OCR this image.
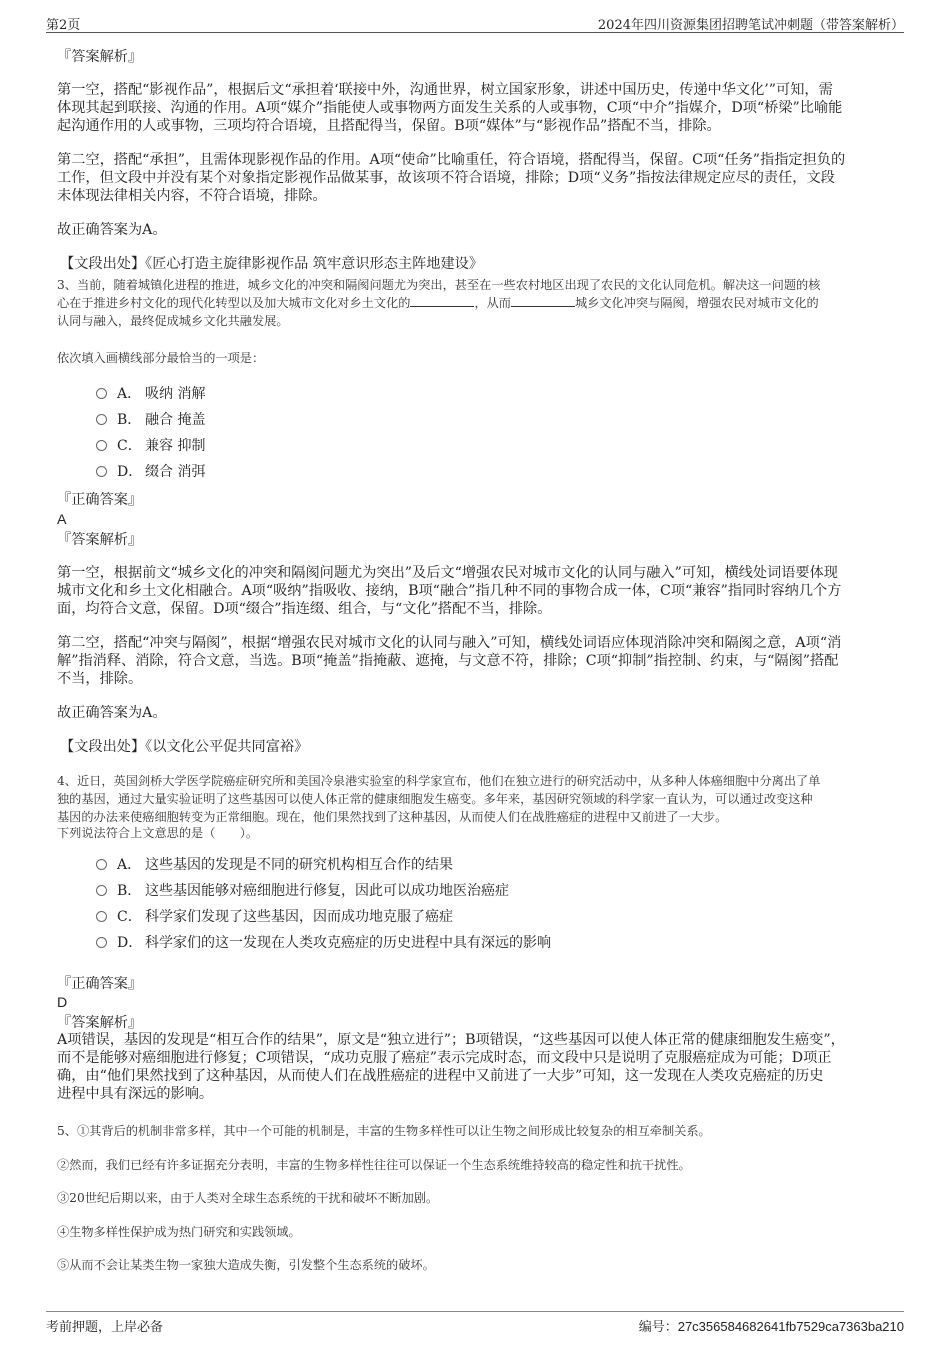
第2页	2024年四川资源集团招聘笔试冲刺题（带答案解析）
『答案解析』
第一空，搭配“影视作品”，根据后文“承担着‘联接中外，沟通世界，树立国家形象，讲述中国历史，传递中华文化’”可知，需
体现其起到联接、沟通的作用。A项“媒介”指能使人或事物两方面发生关系的人或事物，C项“中介”指媒介，D项“桥梁”比喻能
起沟通作用的人或事物，三项均符合语境，且搭配得当，保留。B项“媒体”与“影视作品”搭配不当，排除。
第二空，搭配“承担”，且需体现影视作品的作用。A项“使命”比喻重任，符合语境，搭配得当，保留。C项“任务”指指定担负的
工作，但文段中并没有某个对象指定影视作品做某事，故该项不符合语境，排除；D项“义务”指按法律规定应尽的责任，文段
未体现法律相关内容，不符合语境，排除。
故正确答案为A。
【文段出处】《匠心打造主旋律影视作品 筑牢意识形态主阵地建设》
3、当前，随着城镇化进程的推进，城乡文化的冲突和隔阂问题尤为突出，甚至在一些农村地区出现了农民的文化认同危机。解决这一问题的核
心在于推进乡村文化的现代化转型以及加大城市文化对乡土文化的	，从而	城乡文化冲突与隔阂，增强农民对城市文化的
认同与融入，最终促成城乡文化共融发展。
依次填入画横线部分最恰当的一项是：
A． 吸纳 消解
B． 融合 掩盖
C． 兼容 抑制
D． 缀合 消弭
『正确答案』
A
『答案解析』
第一空，根据前文“城乡文化的冲突和隔阂问题尤为突出”及后文“增强农民对城市文化的认同与融入”可知，横线处词语要体现
城市文化和乡土文化相融合。A项“吸纳”指吸收、接纳，B项“融合”指几种不同的事物合成一体，C项“兼容”指同时容纳几个方
面，均符合文意，保留。D项“缀合”指连缀、组合，与“文化”搭配不当，排除。
第二空，搭配“冲突与隔阂”，根据“增强农民对城市文化的认同与融入”可知，横线处词语应体现消除冲突和隔阂之意，A项“消
解”指消释、消除，符合文意，当选。B项“掩盖”指掩蔽、遮掩，与文意不符，排除；C项“抑制”指控制、约束，与“隔阂”搭配
不当，排除。
故正确答案为A。
【文段出处】《以文化公平促共同富裕》
4、近日，英国剑桥大学医学院癌症研究所和美国冷泉港实验室的科学家宣布，他们在独立进行的研究活动中，从多种人体癌细胞中分离出了单
独的基因，通过大量实验证明了这些基因可以使人体正常的健康细胞发生癌变。多年来，基因研究领域的科学家一直认为，可以通过改变这种
基因的办法来使癌细胞转变为正常细胞。现在，他们果然找到了这种基因，从而使人们在战胜癌症的进程中又前进了一大步。
下列说法符合上文意思的是（　　）。
A． 这些基因的发现是不同的研究机构相互合作的结果
B． 这些基因能够对癌细胞进行修复，因此可以成功地医治癌症
C． 科学家们发现了这些基因，因而成功地克服了癌症
D． 科学家们的这一发现在人类攻克癌症的历史进程中具有深远的影响
『正确答案』
D
『答案解析』
A项错误，基因的发现是“相互合作的结果”，原文是“独立进行”；B项错误，“这些基因可以使人体正常的健康细胞发生癌变”，
而不是能够对癌细胞进行修复；C项错误，“成功克服了癌症”表示完成时态，而文段中只是说明了克服癌症成为可能；D项正
确，由“他们果然找到了这种基因，从而使人们在战胜癌症的进程中又前进了一大步”可知，这一发现在人类攻克癌症的历史
进程中具有深远的影响。
5、①其背后的机制非常多样，其中一个可能的机制是，丰富的生物多样性可以让生物之间形成比较复杂的相互牵制关系。
②然而，我们已经有许多证据充分表明，丰富的生物多样性往往可以保证一个生态系统维持较高的稳定性和抗干扰性。
③20世纪后期以来，由于人类对全球生态系统的干扰和破坏不断加剧。
④生物多样性保护成为热门研究和实践领域。
⑤从而不会让某类生物一家独大造成失衡，引发整个生态系统的破坏。
考前押题，上岸必备	编号：27c356584682641fb7529ca7363ba210
